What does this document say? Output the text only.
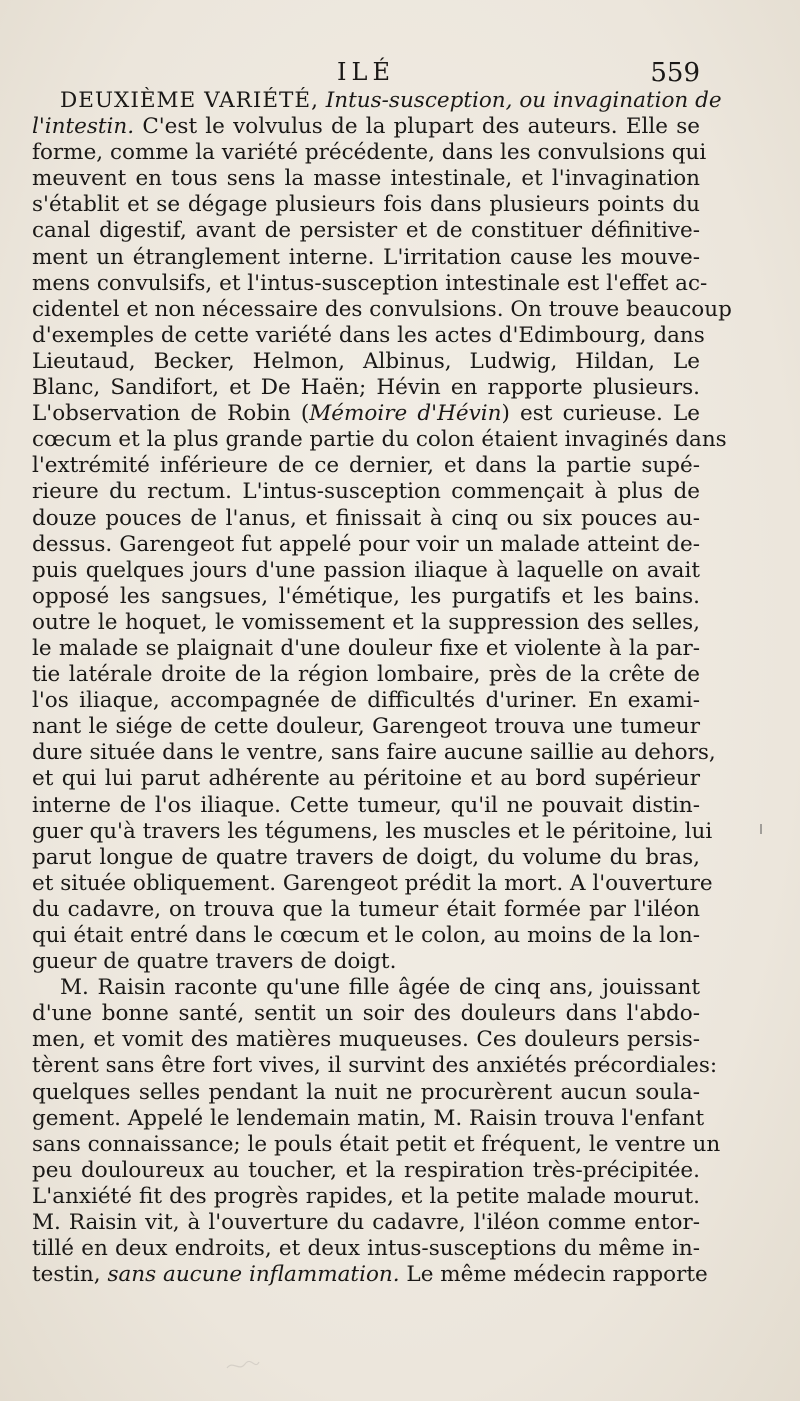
ILÉ	559
DEUXIÈME VARIÉTÉ, Intus-susception, ou invagination de
l'intestin. C'est le volvulus de la plupart des auteurs. Elle se
forme, comme la variété précédente, dans les convulsions qui
meuvent en tous sens la masse intestinale, et l'invagination
s'établit et se dégage plusieurs fois dans plusieurs points du
canal digestif, avant de persister et de constituer définitive-
ment un étranglement interne. L'irritation cause les mouve-
mens convulsifs, et l'intus-susception intestinale est l'effet ac-
cidentel et non nécessaire des convulsions. On trouve beaucoup
d'exemples de cette variété dans les actes d'Edimbourg, dans
Lieutaud, Becker, Helmon, Albinus, Ludwig, Hildan, Le
Blanc, Sandifort, et De Haën; Hévin en rapporte plusieurs.
L'observation de Robin (Mémoire d'Hévin) est curieuse. Le
cœcum et la plus grande partie du colon étaient invaginés dans
l'extrémité inférieure de ce dernier, et dans la partie supé-
rieure du rectum. L'intus-susception commençait à plus de
douze pouces de l'anus, et finissait à cinq ou six pouces au-
dessus. Garengeot fut appelé pour voir un malade atteint de-
puis quelques jours d'une passion iliaque à laquelle on avait
opposé les sangsues, l'émétique, les purgatifs et les bains.
outre le hoquet, le vomissement et la suppression des selles,
le malade se plaignait d'une douleur fixe et violente à la par-
tie latérale droite de la région lombaire, près de la crête de
l'os iliaque, accompagnée de difficultés d'uriner. En exami-
nant le siége de cette douleur, Garengeot trouva une tumeur
dure située dans le ventre, sans faire aucune saillie au dehors,
et qui lui parut adhérente au péritoine et au bord supérieur
interne de l'os iliaque. Cette tumeur, qu'il ne pouvait distin-
guer qu'à travers les tégumens, les muscles et le péritoine, lui
parut longue de quatre travers de doigt, du volume du bras,
et située obliquement. Garengeot prédit la mort. A l'ouverture
du cadavre, on trouva que la tumeur était formée par l'iléon
qui était entré dans le cœcum et le colon, au moins de la lon-
gueur de quatre travers de doigt.
M. Raisin raconte qu'une fille âgée de cinq ans, jouissant
d'une bonne santé, sentit un soir des douleurs dans l'abdo-
men, et vomit des matières muqueuses. Ces douleurs persis-
tèrent sans être fort vives, il survint des anxiétés précordiales:
quelques selles pendant la nuit ne procurèrent aucun soula-
gement. Appelé le lendemain matin, M. Raisin trouva l'enfant
sans connaissance; le pouls était petit et fréquent, le ventre un
peu douloureux au toucher, et la respiration très-précipitée.
L'anxiété fit des progrès rapides, et la petite malade mourut.
M. Raisin vit, à l'ouverture du cadavre, l'iléon comme entor-
tillé en deux endroits, et deux intus-susceptions du même in-
testin, sans aucune inflammation. Le même médecin rapporte
